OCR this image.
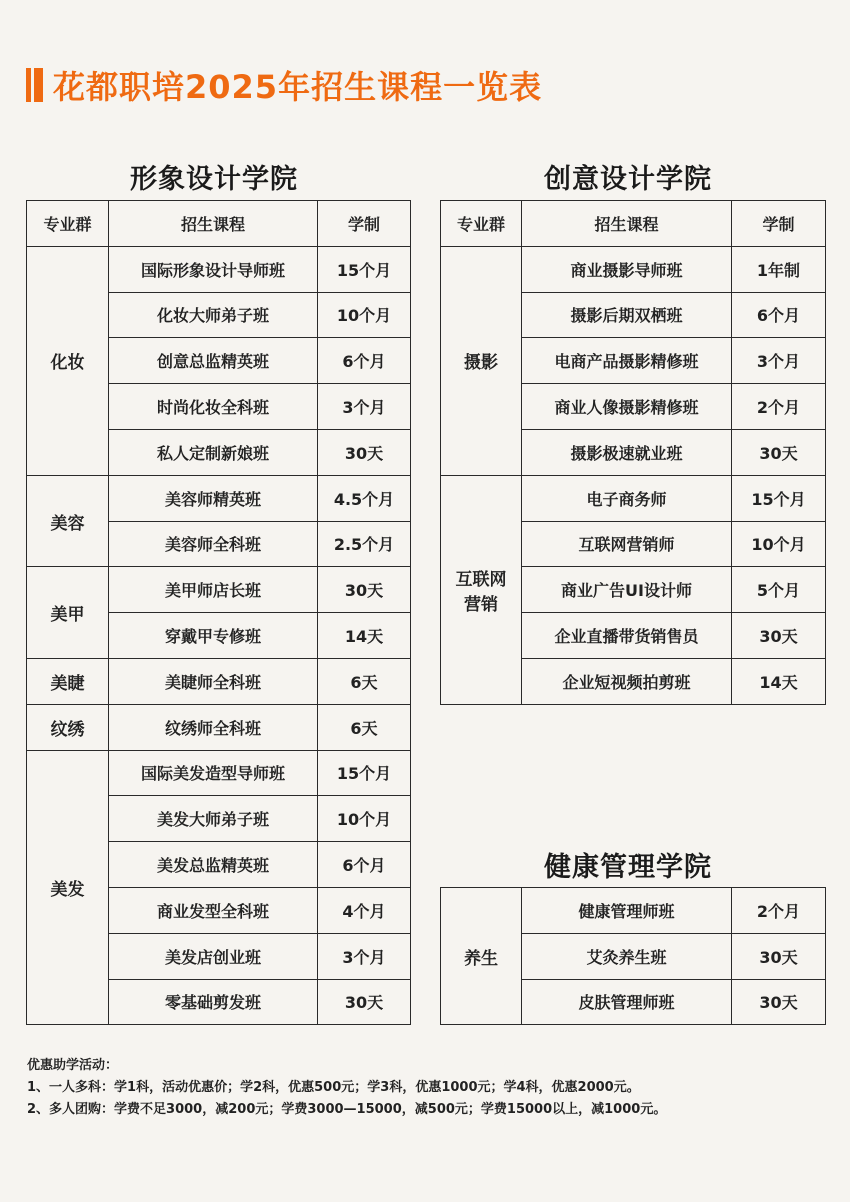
花都职培2025年招生课程一览表
形象设计学院
专业群	招生课程	学制
化妆	国际形象设计导师班	15个月
	化妆大师弟子班	10个月
	创意总监精英班	6个月
	时尚化妆全科班	3个月
	私人定制新娘班	30天
美容	美容师精英班	4.5个月
	美容师全科班	2.5个月
美甲	美甲师店长班	30天
	穿戴甲专修班	14天
美睫	美睫师全科班	6天
纹绣	纹绣师全科班	6天
美发	国际美发造型导师班	15个月
	美发大师弟子班	10个月
	美发总监精英班	6个月
	商业发型全科班	4个月
	美发店创业班	3个月
	零基础剪发班	30天
创意设计学院
专业群	招生课程	学制
摄影	商业摄影导师班	1年制
	摄影后期双栖班	6个月
	电商产品摄影精修班	3个月
	商业人像摄影精修班	2个月
	摄影极速就业班	30天

互联网
营销	电子商务师	15个月
	互联网营销师	10个月
	商业广告UI设计师	5个月
	企业直播带货销售员	30天
	企业短视频拍剪班	14天
健康管理学院
养生	健康管理师班	2个月
	艾灸养生班	30天
	皮肤管理师班	30天
优惠助学活动：
1、一人多科：学1科，活动优惠价；学2科，优惠500元；学3科，优惠1000元；学4科，优惠2000元。
2、多人团购：学费不足3000，减200元；学费3000—15000，减500元；学费15000以上，减1000元。
